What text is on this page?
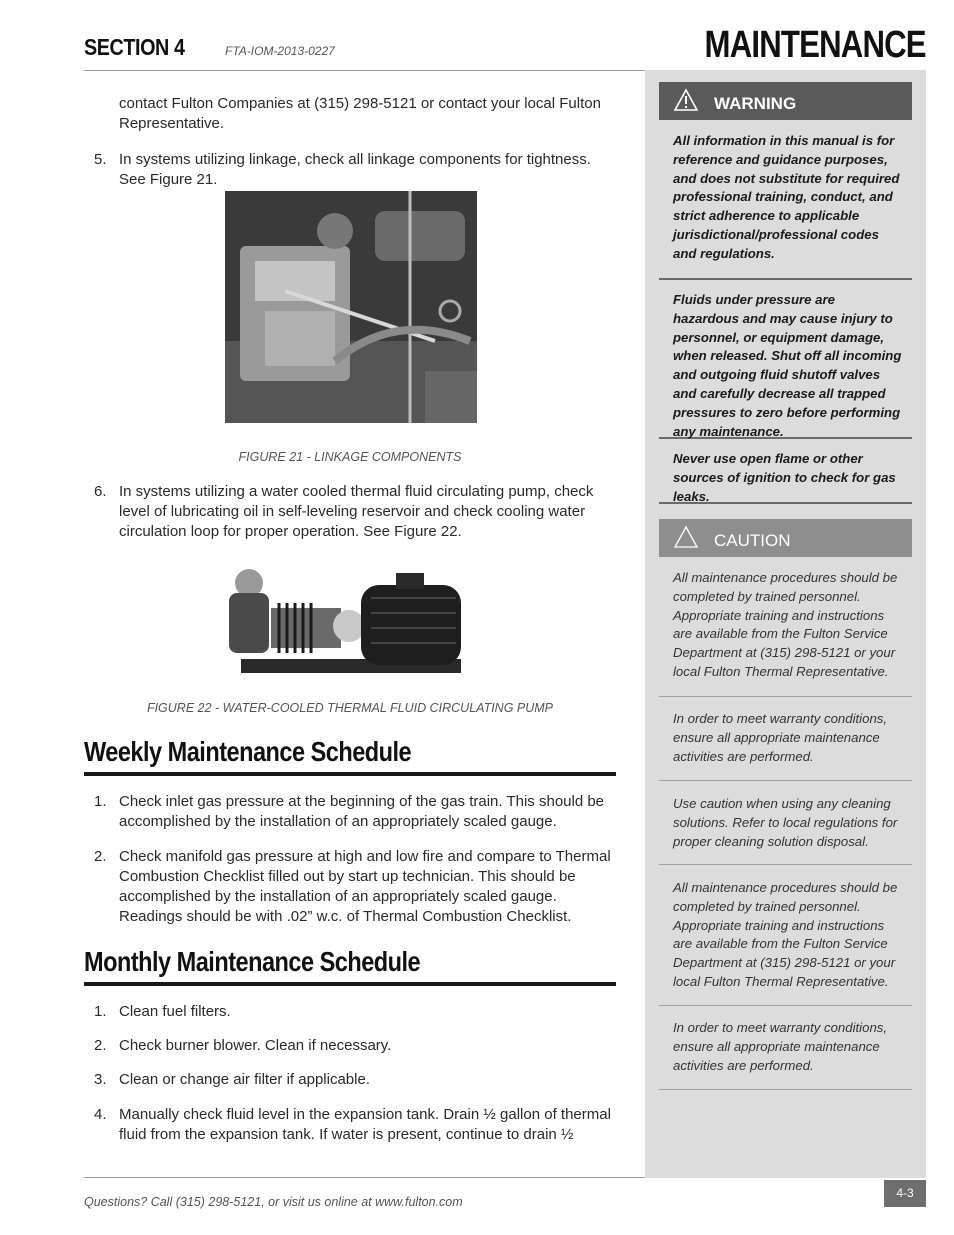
SECTION 4	FTA-IOM-2013-0227	MAINTENANCE
contact Fulton Companies at (315) 298-5121 or contact your local Fulton Representative.
5. In systems utilizing linkage, check all linkage components for tightness. See Figure 21.
FIGURE 21 - LINKAGE COMPONENTS
6. In systems utilizing a water cooled thermal fluid circulating pump, check level of lubricating oil in self-leveling reservoir and check cooling water circulation loop for proper operation. See Figure 22.
FIGURE 22 - WATER-COOLED THERMAL FLUID CIRCULATING PUMP
Weekly Maintenance Schedule
1. Check inlet gas pressure at the beginning of the gas train. This should be accomplished by the installation of an appropriately scaled gauge.
2. Check manifold gas pressure at high and low fire and compare to Thermal Combustion Checklist filled out by start up technician. This should be accomplished by the installation of an appropriately scaled gauge. Readings should be with .02” w.c. of Thermal Combustion Checklist.
Monthly Maintenance Schedule
1. Clean fuel filters.
2. Check burner blower. Clean if necessary.
3. Clean or change air filter if applicable.
4. Manually check fluid level in the expansion tank. Drain ½ gallon of thermal fluid from the expansion tank. If water is present, continue to drain ½
WARNING

All information in this manual is for reference and guidance purposes, and does not substitute for required professional training, conduct, and strict adherence to applicable jurisdictional/professional codes and regulations.

Fluids under pressure are hazardous and may cause injury to personnel, or equipment damage, when released. Shut off all incoming and outgoing fluid shutoff valves and carefully decrease all trapped pressures to zero before performing any maintenance.

Never use open flame or other sources of ignition to check for gas leaks.

CAUTION

All maintenance procedures should be completed by trained personnel. Appropriate training and instructions are available from the Fulton Service Department at (315) 298-5121 or your local Fulton Thermal Representative.

In order to meet warranty conditions, ensure all appropriate maintenance activities are performed.

Use caution when using any cleaning solutions. Refer to local regulations for proper cleaning solution disposal.

All maintenance procedures should be completed by trained personnel. Appropriate training and instructions are available from the Fulton Service Department at (315) 298-5121 or your local Fulton Thermal Representative.

In order to meet warranty conditions, ensure all appropriate maintenance activities are performed.

Questions? Call (315) 298-5121, or visit us online at www.fulton.com
4-3
